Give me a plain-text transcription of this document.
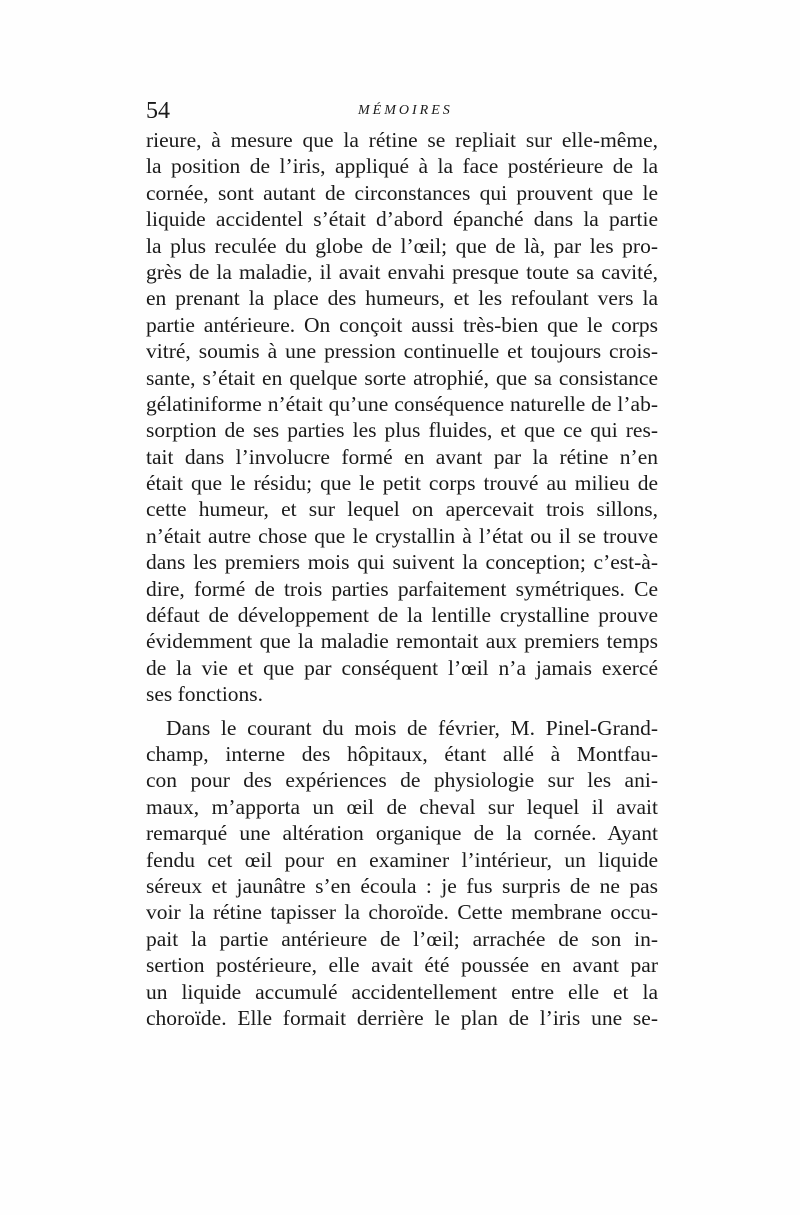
54	MÉMOIRES
rieure, à mesure que la rétine se repliait sur elle-même,
la position de l’iris, appliqué à la face postérieure de la
cornée, sont autant de circonstances qui prouvent que le
liquide accidentel s’était d’abord épanché dans la partie
la plus reculée du globe de l’œil; que de là, par les pro-
grès de la maladie, il avait envahi presque toute sa cavité,
en prenant la place des humeurs, et les refoulant vers la
partie antérieure. On conçoit aussi très-bien que le corps
vitré, soumis à une pression continuelle et toujours crois-
sante, s’était en quelque sorte atrophié, que sa consistance
gélatiniforme n’était qu’une conséquence naturelle de l’ab-
sorption de ses parties les plus fluides, et que ce qui res-
tait dans l’involucre formé en avant par la rétine n’en
était que le résidu; que le petit corps trouvé au milieu de
cette humeur, et sur lequel on apercevait trois sillons,
n’était autre chose que le crystallin à l’état ou il se trouve
dans les premiers mois qui suivent la conception; c’est-à-
dire, formé de trois parties parfaitement symétriques. Ce
défaut de développement de la lentille crystalline prouve
évidemment que la maladie remontait aux premiers temps
de la vie et que par conséquent l’œil n’a jamais exercé
ses fonctions.
Dans le courant du mois de février, M. Pinel-Grand-
champ, interne des hôpitaux, étant allé à Montfau-
con pour des expériences de physiologie sur les ani-
maux, m’apporta un œil de cheval sur lequel il avait
remarqué une altération organique de la cornée. Ayant
fendu cet œil pour en examiner l’intérieur, un liquide
séreux et jaunâtre s’en écoula : je fus surpris de ne pas
voir la rétine tapisser la choroïde. Cette membrane occu-
pait la partie antérieure de l’œil; arrachée de son in-
sertion postérieure, elle avait été poussée en avant par
un liquide accumulé accidentellement entre elle et la
choroïde. Elle formait derrière le plan de l’iris une se-
